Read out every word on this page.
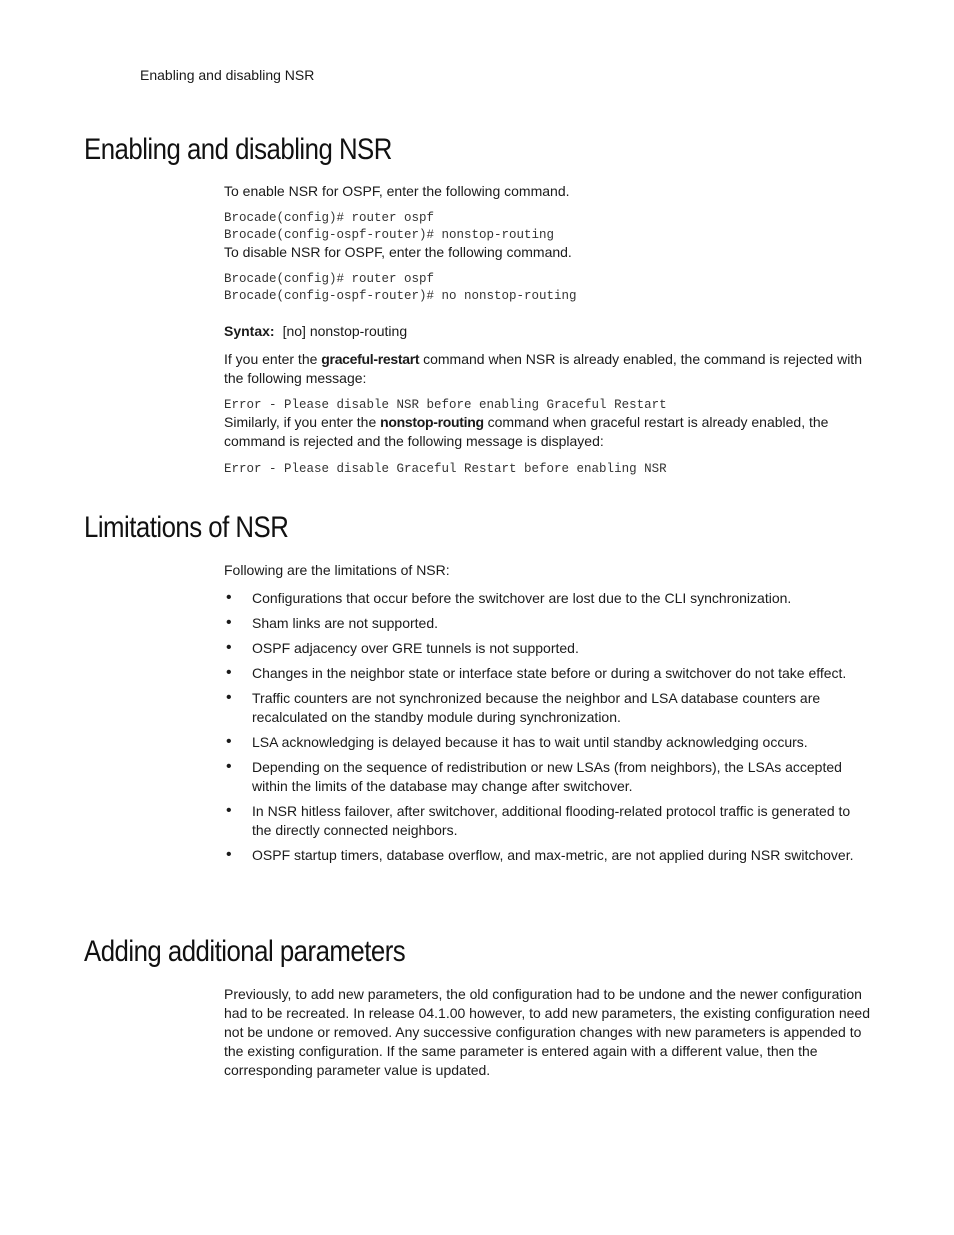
Enabling and disabling NSR

Enabling and disabling NSR

To enable NSR for OSPF, enter the following command.

Brocade(config)# router ospf
Brocade(config-ospf-router)# nonstop-routing

To disable NSR for OSPF, enter the following command.

Brocade(config)# router ospf
Brocade(config-ospf-router)# no nonstop-routing

Syntax: [no] nonstop-routing

If you enter the graceful-restart command when NSR is already enabled, the command is rejected with the following message:

Error - Please disable NSR before enabling Graceful Restart

Similarly, if you enter the nonstop-routing command when graceful restart is already enabled, the command is rejected and the following message is displayed:

Error - Please disable Graceful Restart before enabling NSR
Limitations of NSR

Following are the limitations of NSR:

• Configurations that occur before the switchover are lost due to the CLI synchronization.
• Sham links are not supported.
• OSPF adjacency over GRE tunnels is not supported.
• Changes in the neighbor state or interface state before or during a switchover do not take effect.
• Traffic counters are not synchronized because the neighbor and LSA database counters are recalculated on the standby module during synchronization.
• LSA acknowledging is delayed because it has to wait until standby acknowledging occurs.
• Depending on the sequence of redistribution or new LSAs (from neighbors), the LSAs accepted within the limits of the database may change after switchover.
• In NSR hitless failover, after switchover, additional flooding-related protocol traffic is generated to the directly connected neighbors.
• OSPF startup timers, database overflow, and max-metric, are not applied during NSR switchover.
Adding additional parameters

Previously, to add new parameters, the old configuration had to be undone and the newer configuration had to be recreated. In release 04.1.00 however, to add new parameters, the existing configuration need not be undone or removed. Any successive configuration changes with new parameters is appended to the existing configuration. If the same parameter is entered again with a different value, then the corresponding parameter value is updated.
